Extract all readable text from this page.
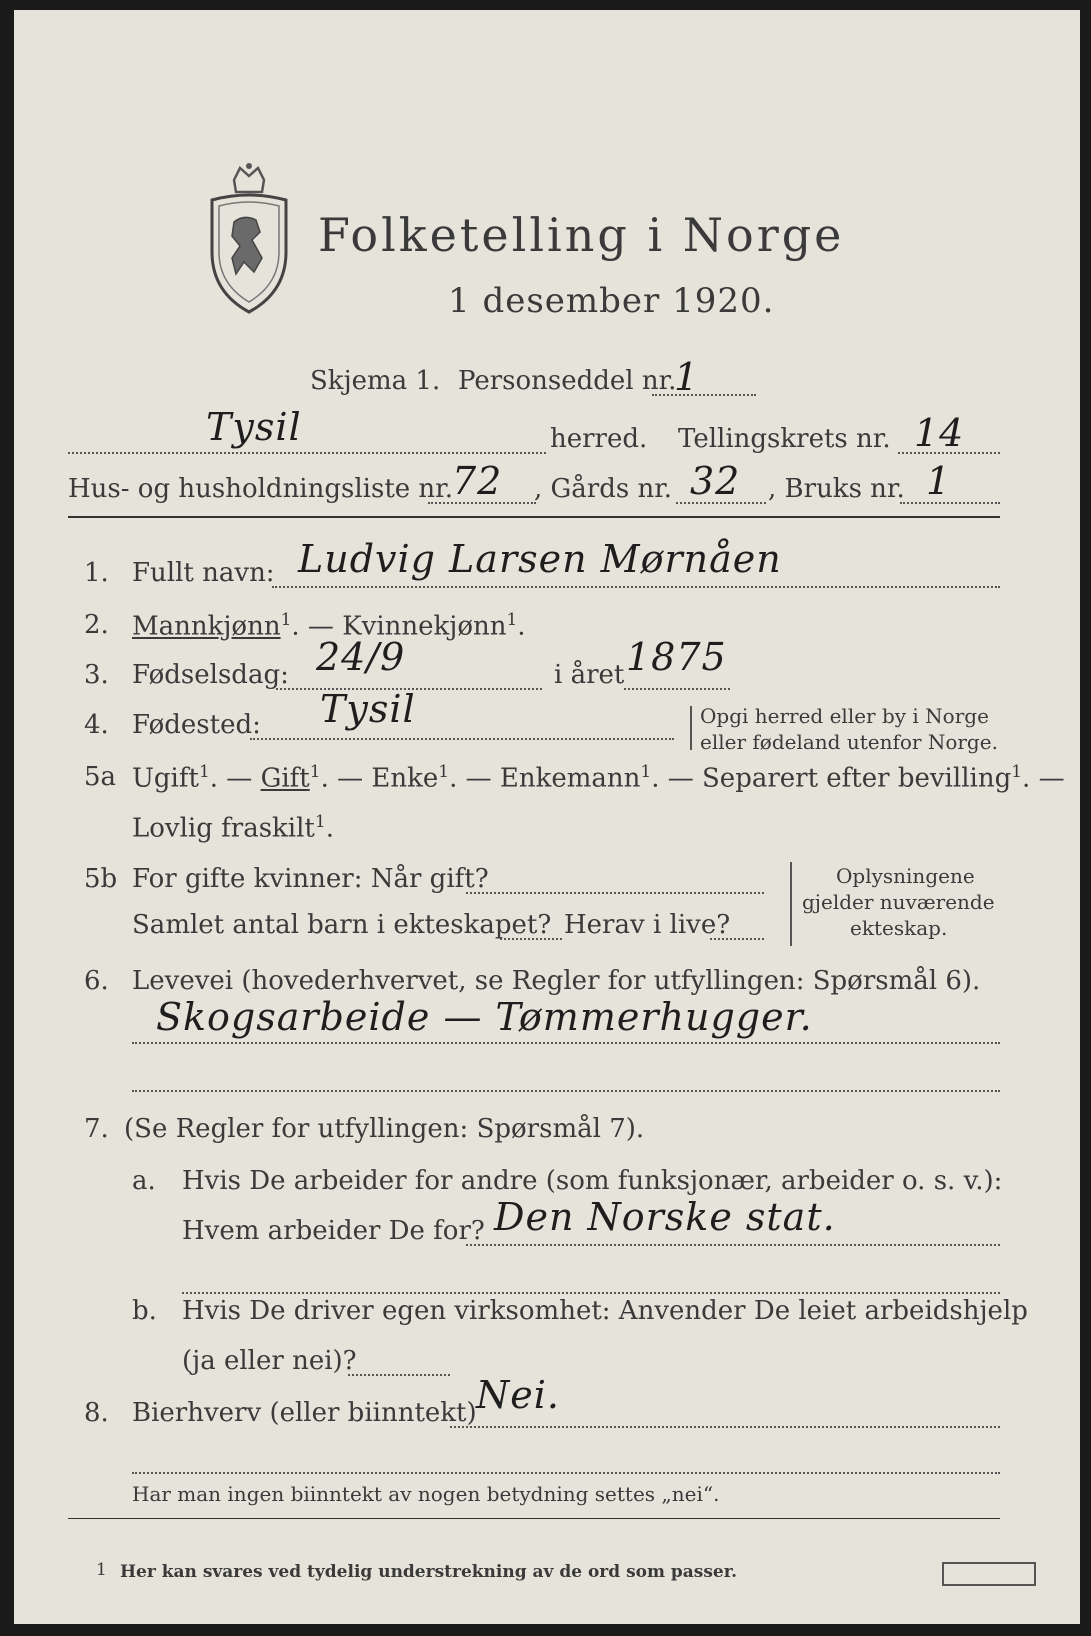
Folketelling i Norge
1 desember 1920.
Skjema 1. Personseddel nr.
1
Tysil	herred. Tellingskrets nr. 14
Hus- og husholdningsliste nr.
72 , Gårds nr. 32 , Bruks nr. 1
1. Fullt navn: Ludvig Larsen Mørnåen
2. Mannkjønn$^1$. — Kvinnekjønn$^1$.
3. Fødselsdag: 24/9	i året 1875
4. Fødested: Tysil	Opgi herred eller by i Norge
eller fødeland utenfor Norge.
5a Ugift$^1$. — Gift$^1$. — Enke$^1$. — Enkemann$^1$. — Separert efter bevilling$^1$. —
Lovlig fraskilt$^1$.
5b For gifte kvinner: Når gift?
Samlet antal barn i ekteskapet? Herav i live?
Oplysningene
gjelder nuværende
ekteskap.
6. Levevei (hovederhvervet, se Regler for utfyllingen: Spørsmål 6).
Skogsarbeide — Tømmerhugger.
7. (Se Regler for utfyllingen: Spørsmål 7).
a. Hvis De arbeider for andre (som funksjonær, arbeider o. s. v.):
Hvem arbeider De for? Den Norske stat.
b. Hvis De driver egen virksomhet: Anvender De leiet arbeidshjelp
(ja eller nei)?
8. Bierhverv (eller biinntekt) Nei.
Har man ingen biinntekt av nogen betydning settes „nei“.
1 Her kan svares ved tydelig understrekning av de ord som passer.
